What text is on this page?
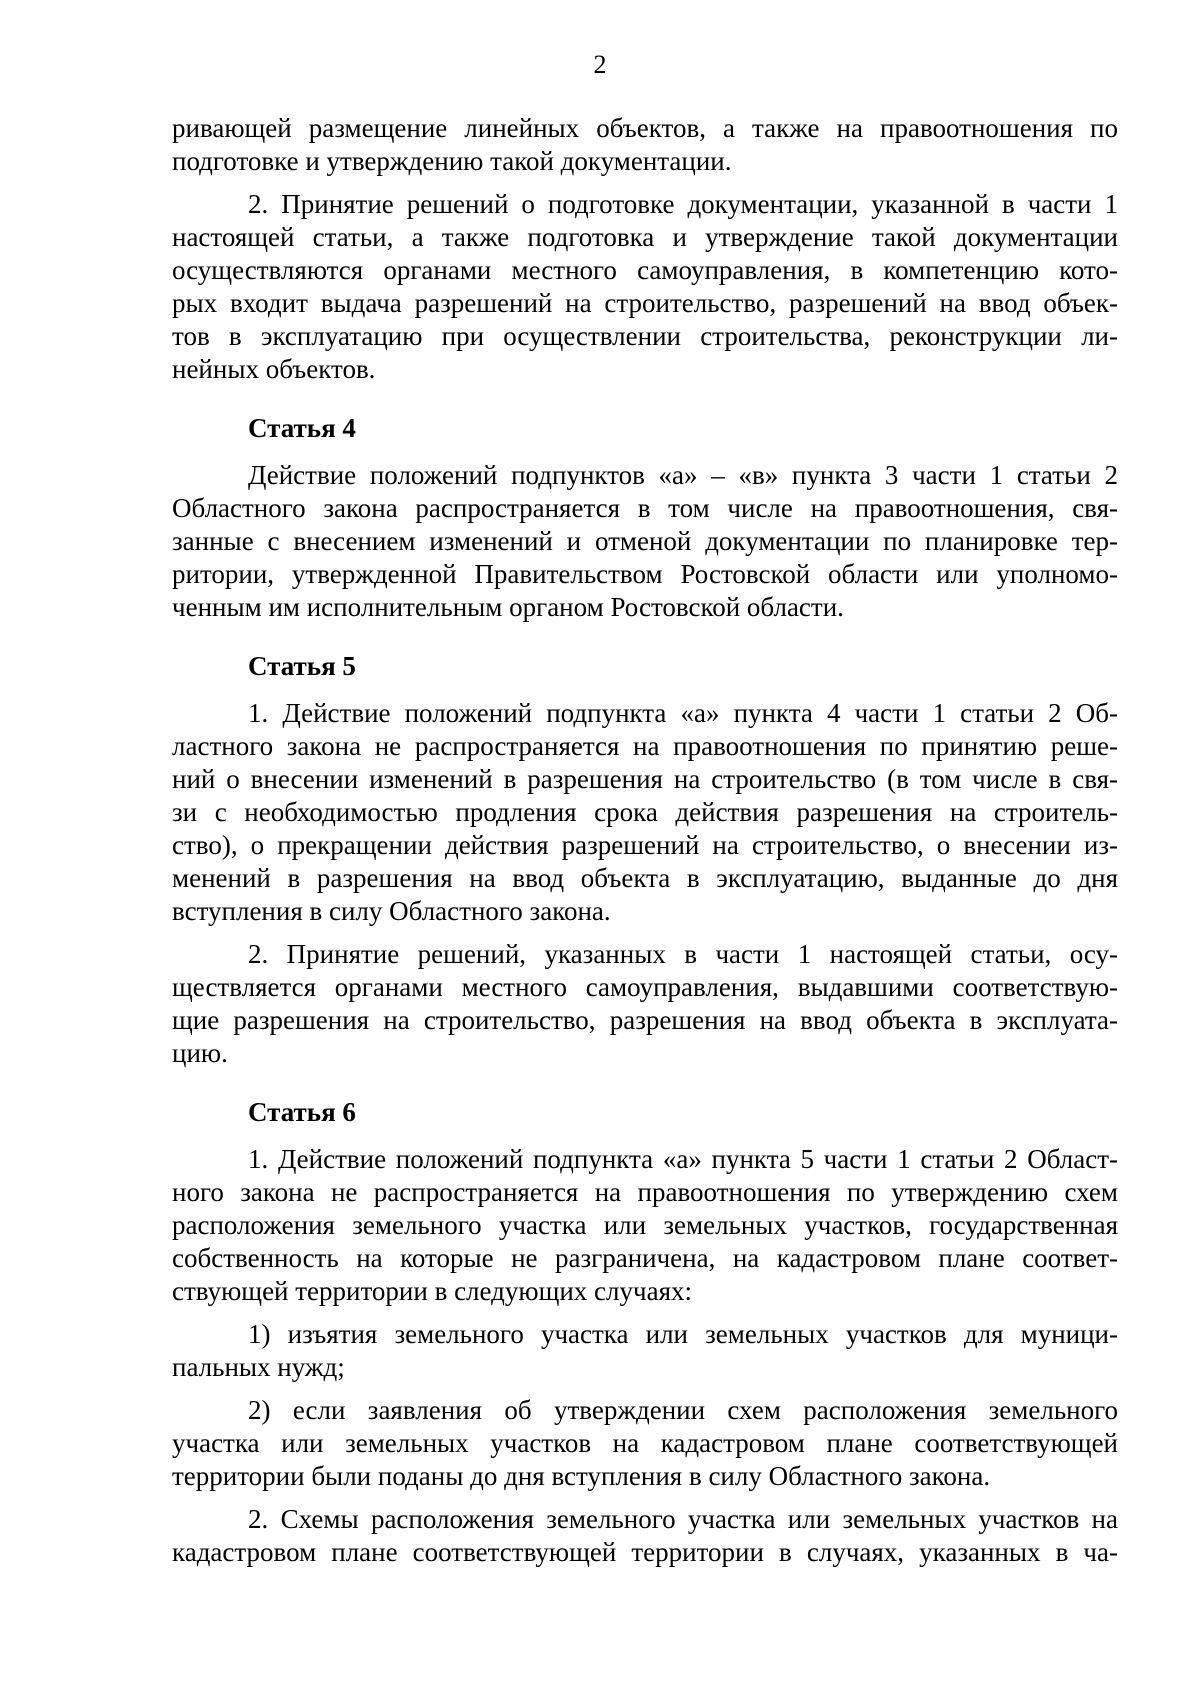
2
ривающей размещение линейных объектов, а также на правоотношения по
подготовке и утверждению такой документации.
2. Принятие решений о подготовке документации, указанной в части 1
настоящей статьи, а также подготовка и утверждение такой документации
осуществляются органами местного самоуправления, в компетенцию кото-
рых входит выдача разрешений на строительство, разрешений на ввод объек-
тов в эксплуатацию при осуществлении строительства, реконструкции ли-
нейных объектов.
Статья 4
Действие положений подпунктов «а» – «в» пункта 3 части 1 статьи 2
Областного закона распространяется в том числе на правоотношения, свя-
занные с внесением изменений и отменой документации по планировке тер-
ритории, утвержденной Правительством Ростовской области или уполномо-
ченным им исполнительным органом Ростовской области.
Статья 5
1. Действие положений подпункта «а» пункта 4 части 1 статьи 2 Об-
ластного закона не распространяется на правоотношения по принятию реше-
ний о внесении изменений в разрешения на строительство (в том числе в свя-
зи с необходимостью продления срока действия разрешения на строитель-
ство), о прекращении действия разрешений на строительство, о внесении из-
менений в разрешения на ввод объекта в эксплуатацию, выданные до дня
вступления в силу Областного закона.
2. Принятие решений, указанных в части 1 настоящей статьи, осу-
ществляется органами местного самоуправления, выдавшими соответствую-
щие разрешения на строительство, разрешения на ввод объекта в эксплуата-
цию.
Статья 6
1. Действие положений подпункта «а» пункта 5 части 1 статьи 2 Област-
ного закона не распространяется на правоотношения по утверждению схем
расположения земельного участка или земельных участков, государственная
собственность на которые не разграничена, на кадастровом плане соответ-
ствующей территории в следующих случаях:
1) изъятия земельного участка или земельных участков для муници-
пальных нужд;
2) если заявления об утверждении схем расположения земельного
участка или земельных участков на кадастровом плане соответствующей
территории были поданы до дня вступления в силу Областного закона.
2. Схемы расположения земельного участка или земельных участков на
кадастровом плане соответствующей территории в случаях, указанных в ча-
